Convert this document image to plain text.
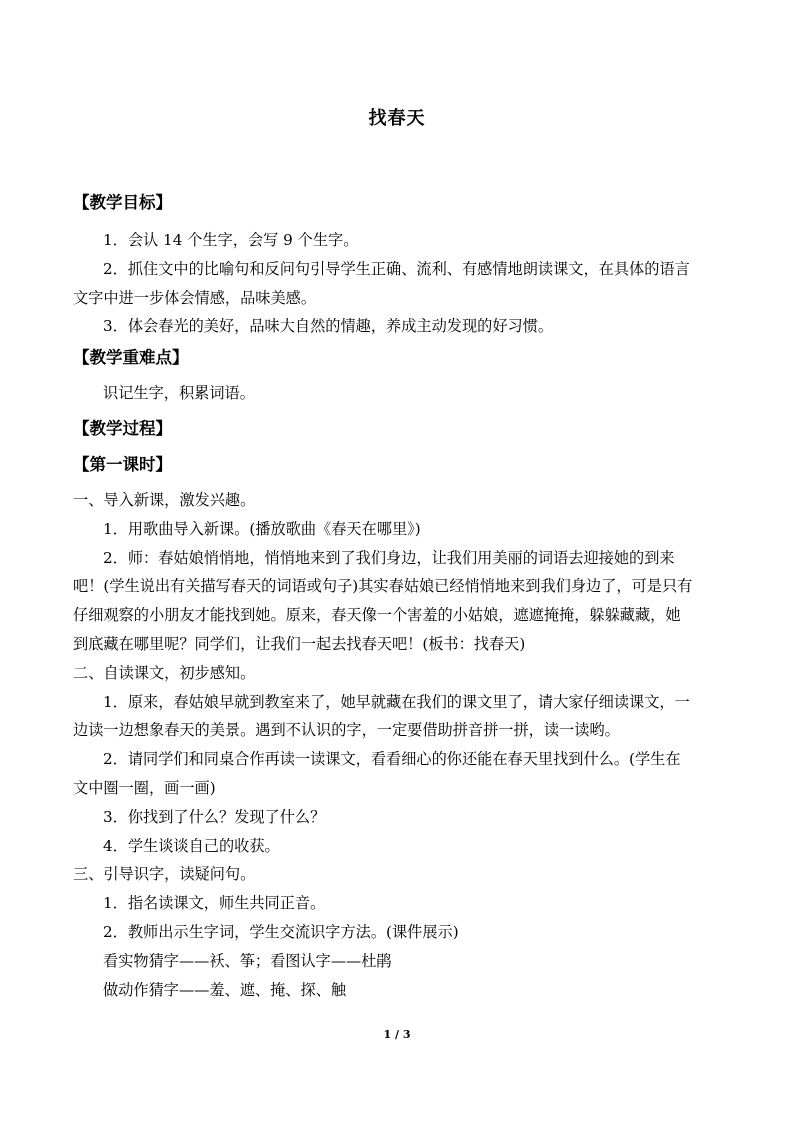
找春天
【教学目标】
1．会认 14 个生字，会写 9 个生字。
2．抓住文中的比喻句和反问句引导学生正确、流利、有感情地朗读课文，在具体的语言
文字中进一步体会情感，品味美感。
3．体会春光的美好，品味大自然的情趣，养成主动发现的好习惯。
【教学重难点】
识记生字，积累词语。
【教学过程】
【第一课时】
一、导入新课，激发兴趣。
1．用歌曲导入新课。(播放歌曲《春天在哪里》)
2．师：春姑娘悄悄地，悄悄地来到了我们身边，让我们用美丽的词语去迎接她的到来
吧！(学生说出有关描写春天的词语或句子)其实春姑娘已经悄悄地来到我们身边了，可是只有
仔细观察的小朋友才能找到她。原来，春天像一个害羞的小姑娘，遮遮掩掩，躲躲藏藏，她
到底藏在哪里呢？同学们，让我们一起去找春天吧！(板书：找春天)
二、自读课文，初步感知。
1．原来，春姑娘早就到教室来了，她早就藏在我们的课文里了，请大家仔细读课文，一
边读一边想象春天的美景。遇到不认识的字，一定要借助拼音拼一拼，读一读哟。
2．请同学们和同桌合作再读一读课文，看看细心的你还能在春天里找到什么。(学生在
文中圈一圈，画一画)
3．你找到了什么？发现了什么？
4．学生谈谈自己的收获。
三、引导识字，读疑问句。
1．指名读课文，师生共同正音。
2．教师出示生字词，学生交流识字方法。(课件展示)
看实物猜字——袄、筝；看图认字——杜鹃
做动作猜字——羞、遮、掩、探、触
1 / 3
